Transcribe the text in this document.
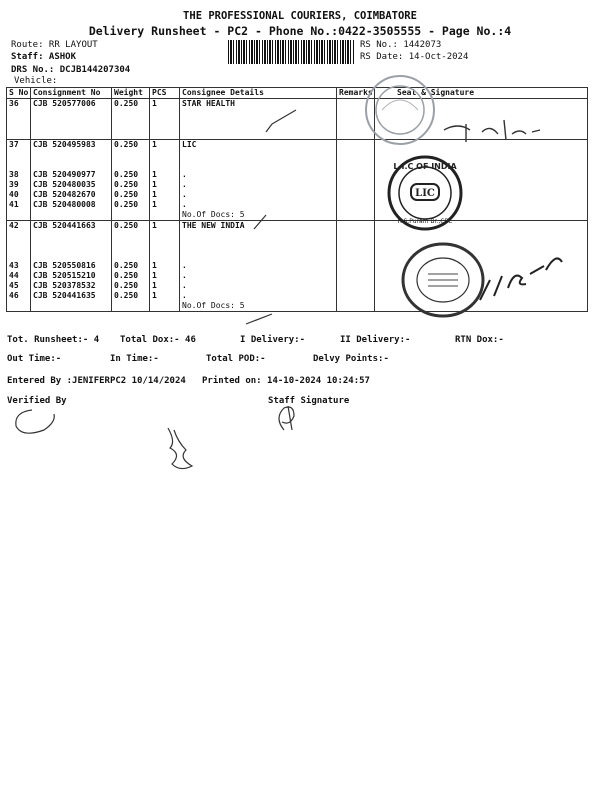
THE PROFESSIONAL COURIERS, COIMBATORE
Delivery Runsheet - PC2 - Phone No.:0422-3505555 - Page No.:4
Route: RR LAYOUT
Staff: ASHOK
DRS No.: DCJB144207304
Vehicle:
RS No.: 1442073
RS Date: 14-Oct-2024
S No	Consignment No	Weight	PCS	Consignee Details	Remarks	Seal & Signature
36	CJB 520577006	0.250	1	STAR HEALTH		

37	CJB 520495983	0.250	1	LIC		

38	CJB 520490977	0.250	1	.		
39	CJB 520480035	0.250	1	.		
40	CJB 520482670	0.250	1	.		
41	CJB 520480008	0.250	1	.		
				No.Of Docs: 5		
42	CJB 520441663	0.250	1	THE NEW INDIA		

43	CJB 520550816	0.250	1	.		
44	CJB 520515210	0.250	1	.		
45	CJB 520378532	0.250	1	.		
46	CJB 520441635	0.250	1	.		
				No.Of Docs: 5		
Tot. Runsheet:- 4 Total Dox:- 46	I Delivery:-	II Delivery:-	RTN Dox:-
Out Time:-	In Time:-	Total POD:-	Delvy Points:-
Entered By :JENIFERPC2 10/14/2024 Printed on: 14-10-2024 10:24:57
Verified By	Staff Signature
L.I.C OF INDIA
LIC
R.S.Puram Br.,CBE
